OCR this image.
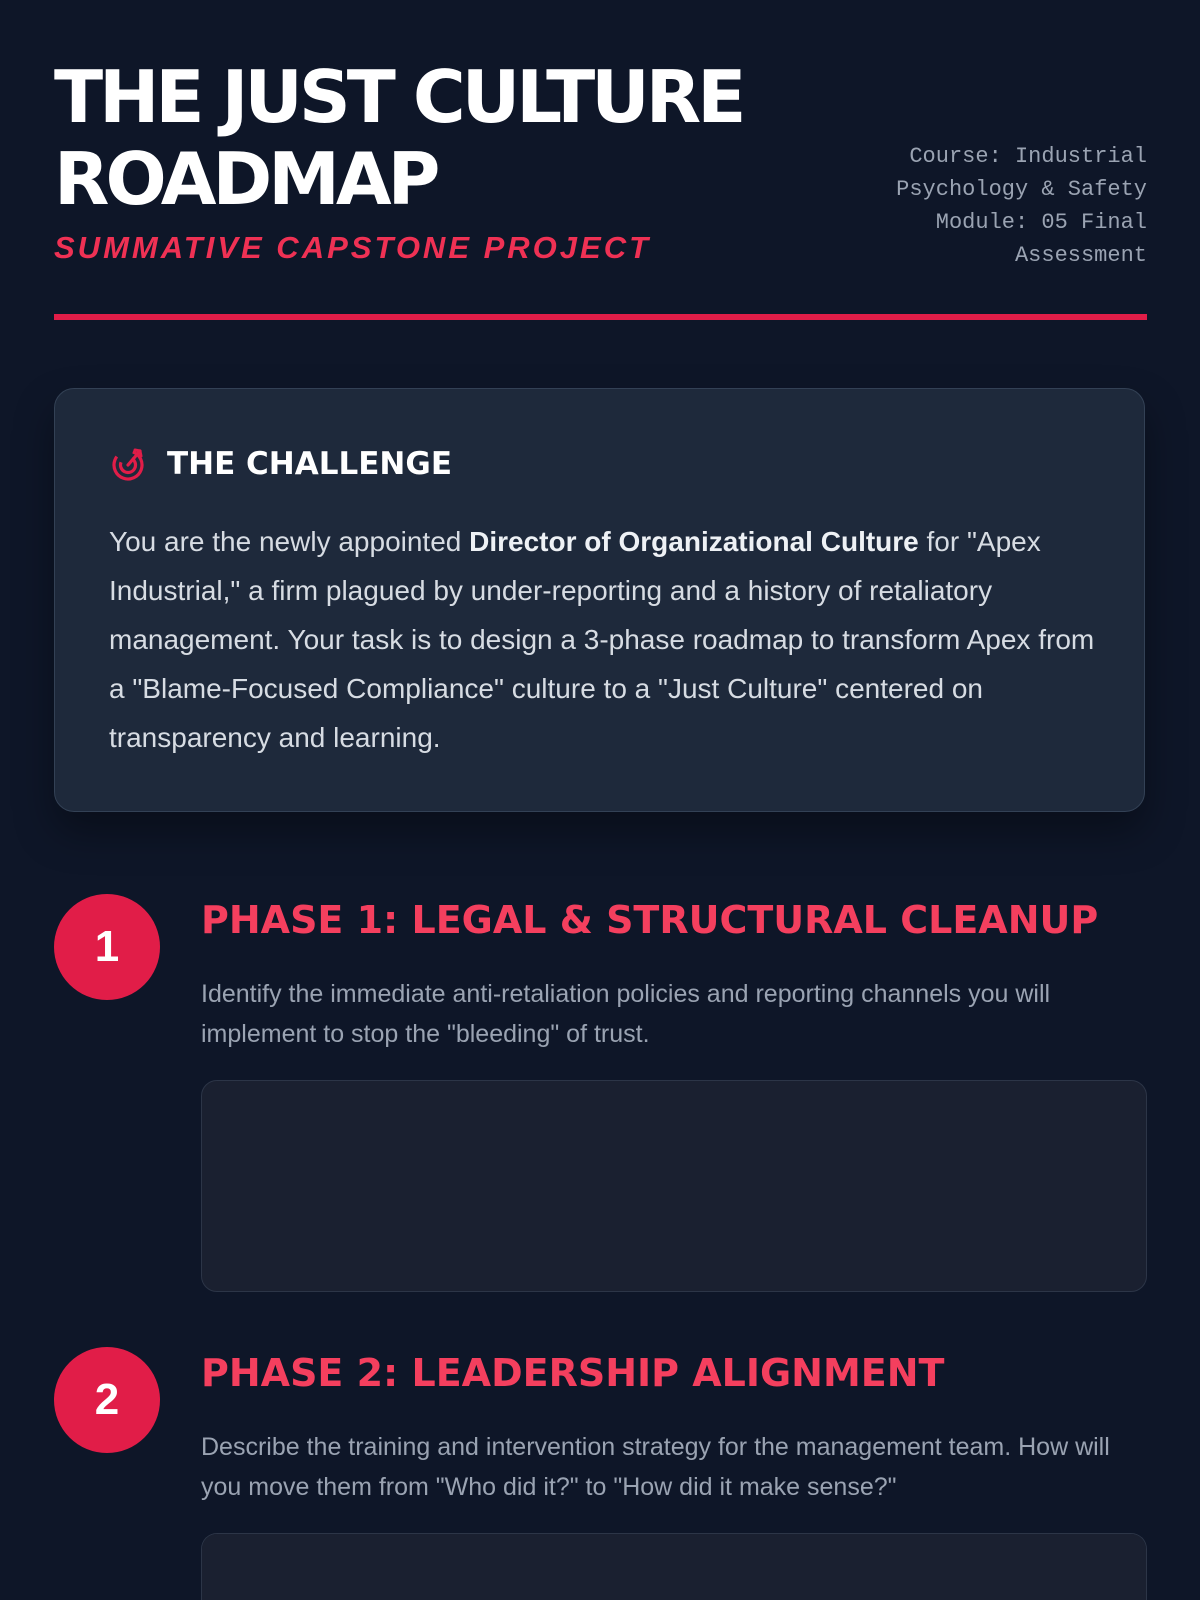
THE JUST CULTURE
ROADMAP
SUMMATIVE CAPSTONE PROJECT
Course: Industrial
Psychology & Safety
Module: 05 Final
Assessment
THE CHALLENGE

You are the newly appointed Director of Organizational Culture for "Apex Industrial," a firm plagued by under-reporting and a history of retaliatory management. Your task is to design a 3-phase roadmap to transform Apex from a "Blame-Focused Compliance" culture to a "Just Culture" centered on transparency and learning.

1
PHASE 1: LEGAL & STRUCTURAL CLEANUP

Identify the immediate anti-retaliation policies and reporting channels you will implement to stop the "bleeding" of trust.

2
PHASE 2: LEADERSHIP ALIGNMENT

Describe the training and intervention strategy for the management team. How will you move them from "Who did it?" to "How did it make sense?"
